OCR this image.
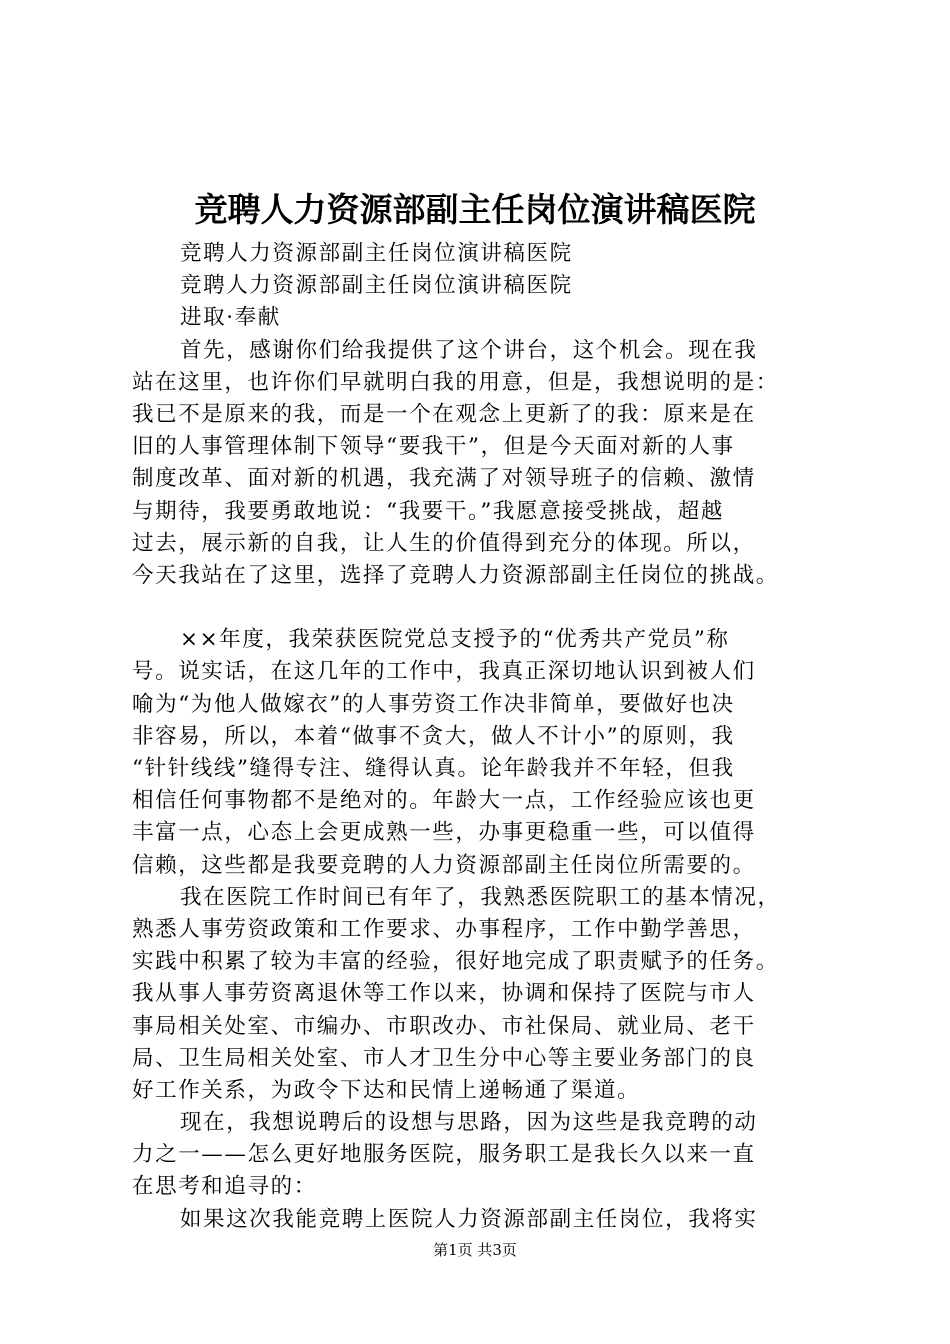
竞聘人力资源部副主任岗位演讲稿医院
竞聘人力资源部副主任岗位演讲稿医院
竞聘人力资源部副主任岗位演讲稿医院
进取·奉献
首先，感谢你们给我提供了这个讲台，这个机会。现在我
站在这里，也许你们早就明白我的用意，但是，我想说明的是：
我已不是原来的我，而是一个在观念上更新了的我：原来是在
旧的人事管理体制下领导“要我干”，但是今天面对新的人事
制度改革、面对新的机遇，我充满了对领导班子的信赖、激情
与期待，我要勇敢地说：“我要干。”我愿意接受挑战，超越
过去，展示新的自我，让人生的价值得到充分的体现。所以，
今天我站在了这里，选择了竞聘人力资源部副主任岗位的挑战。
××年度，我荣获医院党总支授予的“优秀共产党员”称
号。说实话，在这几年的工作中，我真正深切地认识到被人们
喻为“为他人做嫁衣”的人事劳资工作决非简单，要做好也决
非容易，所以，本着“做事不贪大，做人不计小”的原则，我
“针针线线”缝得专注、缝得认真。论年龄我并不年轻，但我
相信任何事物都不是绝对的。年龄大一点，工作经验应该也更
丰富一点，心态上会更成熟一些，办事更稳重一些，可以值得
信赖，这些都是我要竞聘的人力资源部副主任岗位所需要的。
我在医院工作时间已有年了，我熟悉医院职工的基本情况，
熟悉人事劳资政策和工作要求、办事程序，工作中勤学善思，
实践中积累了较为丰富的经验，很好地完成了职责赋予的任务。
我从事人事劳资离退休等工作以来，协调和保持了医院与市人
事局相关处室、市编办、市职改办、市社保局、就业局、老干
局、卫生局相关处室、市人才卫生分中心等主要业务部门的良
好工作关系，为政令下达和民情上递畅通了渠道。
现在，我想说聘后的设想与思路，因为这些是我竞聘的动
力之一——怎么更好地服务医院，服务职工是我长久以来一直
在思考和追寻的：
如果这次我能竞聘上医院人力资源部副主任岗位，我将实
第1页 共3页
